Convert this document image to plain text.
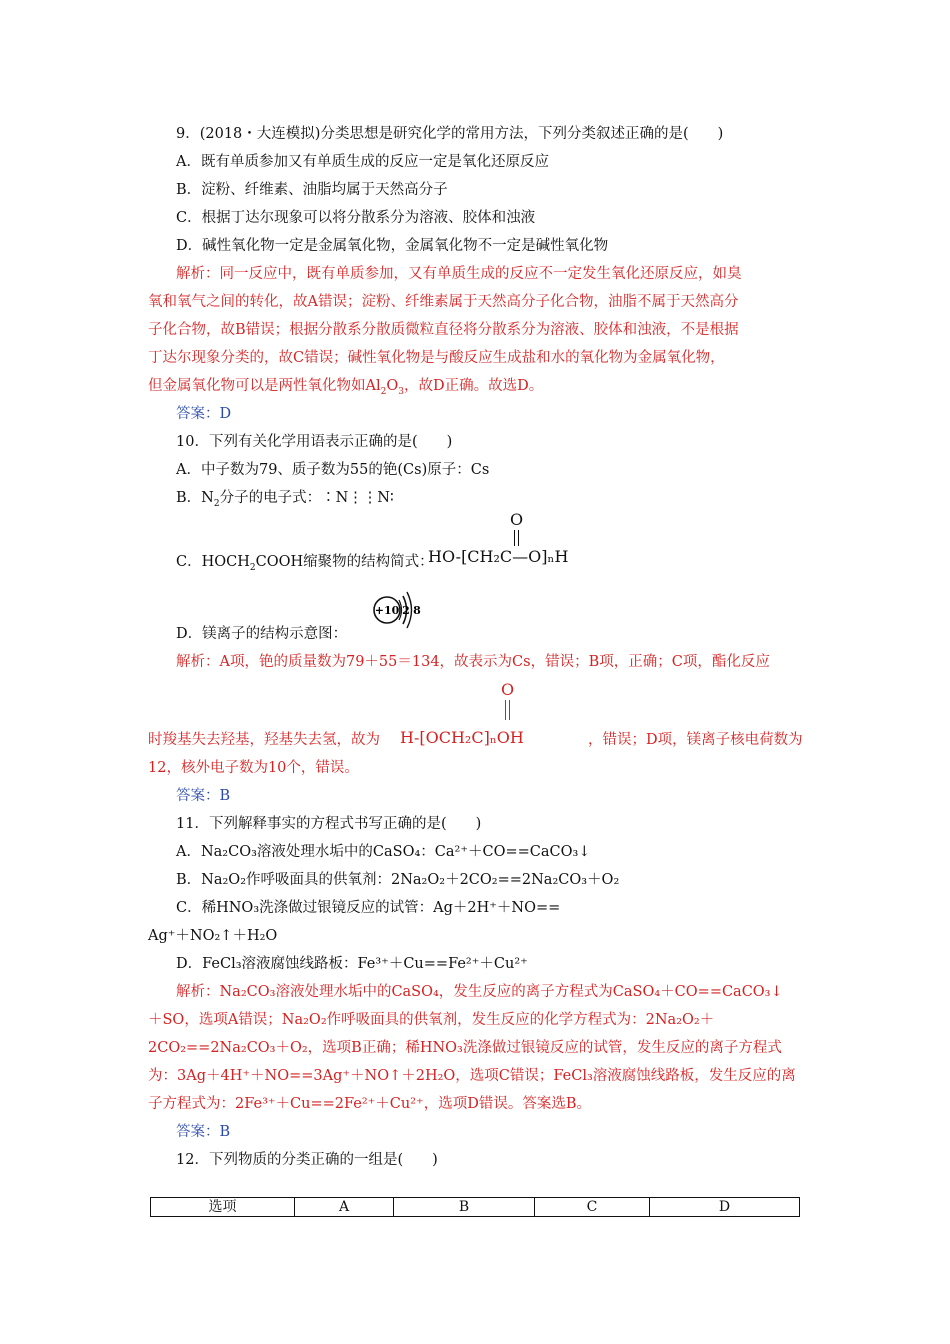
9．(2018・大连模拟)分类思想是研究化学的常用方法，下列分类叙述正确的是(　　)
A．既有单质参加又有单质生成的反应一定是氧化还原反应
B．淀粉、纤维素、油脂均属于天然高分子
C．根据丁达尔现象可以将分散系分为溶液、胶体和浊液
D．碱性氧化物一定是金属氧化物，金属氧化物不一定是碱性氧化物
解析：同一反应中，既有单质参加，又有单质生成的反应不一定发生氧化还原反应，如臭
氧和氧气之间的转化，故A错误；淀粉、纤维素属于天然高分子化合物，油脂不属于天然高分
子化合物，故B错误；根据分散系分散质微粒直径将分散系分为溶液、胶体和浊液，不是根据
丁达尔现象分类的，故C错误；碱性氧化物是与酸反应生成盐和水的氧化物为金属氧化物，
但金属氧化物可以是两性氧化物如$Al_2O_3$，故D正确。故选D。
答案：D
10．下列有关化学用语表示正确的是(　　)
A．中子数为79、质子数为55的铯(Cs)原子：Cs
B．$N_2$分子的电子式：∶N⋮⋮N∶
C．$HOCH_2COOH$缩聚物的结构简式：
O
HO-[CH₂C—O]ₙH
D．镁离子的结构示意图：
+10 2 8
解析：A项，铯的质量数为79＋55＝134，故表示为Cs，错误；B项，正确；C项，酯化反应
时羧基失去羟基，羟基失去氢，故为
O
H-[OCH₂C]ₙOH	，错误；D项，镁离子核电荷数为
12，核外电子数为10个，错误。
答案：B
11．下列解释事实的方程式书写正确的是(　　)
A．Na₂CO₃溶液处理水垢中的CaSO₄：Ca²⁺＋CO==CaCO₃↓
B．Na₂O₂作呼吸面具的供氧剂：2Na₂O₂＋2CO₂==2Na₂CO₃＋O₂
C．稀HNO₃洗涤做过银镜反应的试管：Ag＋2H⁺＋NO==
Ag⁺＋NO₂↑＋H₂O
D．FeCl₃溶液腐蚀线路板：Fe³⁺＋Cu==Fe²⁺＋Cu²⁺
解析：Na₂CO₃溶液处理水垢中的CaSO₄，发生反应的离子方程式为CaSO₄＋CO==CaCO₃↓
＋SO，选项A错误；Na₂O₂作呼吸面具的供氧剂，发生反应的化学方程式为：2Na₂O₂＋
2CO₂==2Na₂CO₃＋O₂，选项B正确；稀HNO₃洗涤做过银镜反应的试管，发生反应的离子方程式
为：3Ag＋4H⁺＋NO==3Ag⁺＋NO↑＋2H₂O，选项C错误；FeCl₃溶液腐蚀线路板，发生反应的离
子方程式为：2Fe³⁺＋Cu==2Fe²⁺＋Cu²⁺，选项D错误。答案选B。
答案：B
12．下列物质的分类正确的一组是(　　)
选项	A	B	C	D
